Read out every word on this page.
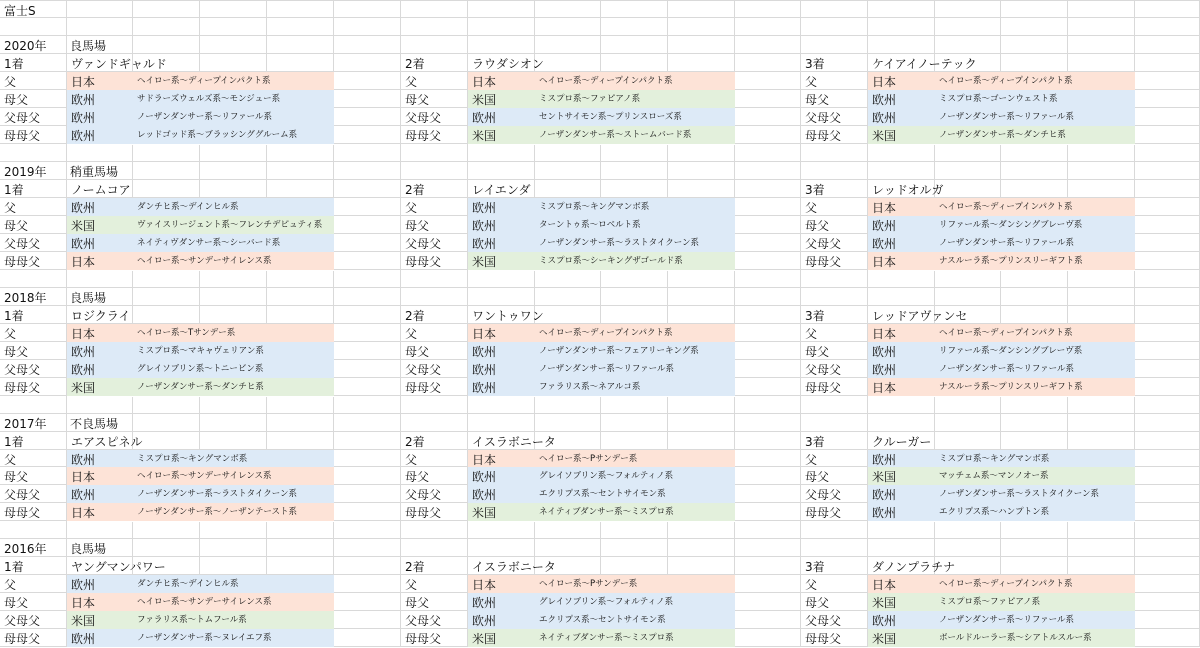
富士S
2020年 良馬場
1着	ヴァンドギャルド
父	日本	ヘイロー系〜ディープインパクト系
母父	欧州	サドラーズウェルズ系〜モンジュー系
父母父	欧州	ノーザンダンサー系〜リファール系
母母父	欧州	レッドゴッド系〜ブラッシンググルーム系
2着	ラウダシオン
父	日本	ヘイロー系〜ディープインパクト系
母父	米国	ミスプロ系〜ファピアノ系
父母父	欧州	セントサイモン系〜プリンスローズ系
母母父	米国	ノーザンダンサー系〜ストームバード系
3着	ケイアイノーテック
父	日本	ヘイロー系〜ディープインパクト系
母父	欧州	ミスプロ系〜ゴーンウェスト系
父母父	欧州	ノーザンダンサー系〜リファール系
母母父	米国	ノーザンダンサー系〜ダンチヒ系
2019年 稍重馬場
1着	ノームコア
父	欧州	ダンチヒ系〜デインヒル系
母父	米国	ヴァイスリージェント系〜フレンチデピュティ系
父母父	欧州	ネイティヴダンサー系〜シーバード系
母母父	日本	ヘイロー系〜サンデーサイレンス系
2着	レイエンダ
父	欧州	ミスプロ系〜キングマンボ系
母父	欧州	ターントゥ系〜ロベルト系
父母父	欧州	ノーザンダンサー系〜ラストタイクーン系
母母父	米国	ミスプロ系〜シーキングザゴールド系
3着	レッドオルガ
父	日本	ヘイロー系〜ディープインパクト系
母父	欧州	リファール系〜ダンシングブレーヴ系
父母父	欧州	ノーザンダンサー系〜リファール系
母母父	日本	ナスルーラ系〜プリンスリーギフト系
2018年 良馬場
1着	ロジクライ
父	日本	ヘイロー系〜Tサンデー系
母父	欧州	ミスプロ系〜マキャヴェリアン系
父母父	欧州	グレイソブリン系〜トニービン系
母母父	米国	ノーザンダンサー系〜ダンチヒ系
2着	ワントゥワン
父	日本	ヘイロー系〜ディープインパクト系
母父	欧州	ノーザンダンサー系〜フェアリーキング系
父母父	欧州	ノーザンダンサー系〜リファール系
母母父	欧州	ファラリス系〜ネアルコ系
3着	レッドアヴァンセ
父	日本	ヘイロー系〜ディープインパクト系
母父	欧州	リファール系〜ダンシングブレーヴ系
父母父	欧州	ノーザンダンサー系〜リファール系
母母父	日本	ナスルーラ系〜プリンスリーギフト系
2017年 不良馬場
1着	エアスピネル
父	欧州	ミスプロ系〜キングマンボ系
母父	日本	ヘイロー系〜サンデーサイレンス系
父母父	欧州	ノーザンダンサー系〜ラストタイクーン系
母母父	日本	ノーザンダンサー系〜ノーザンテースト系
2着	イスラボニータ
父	日本	ヘイロー系〜Pサンデー系
母父	欧州	グレイソブリン系〜フォルティノ系
父母父	欧州	エクリプス系〜セントサイモン系
母母父	米国	ネイティブダンサー系〜ミスプロ系
3着	クルーガー
父	欧州	ミスプロ系〜キングマンボ系
母父	米国	マッチェム系〜マンノオー系
父母父	欧州	ノーザンダンサー系〜ラストタイクーン系
母母父	欧州	エクリプス系〜ハンプトン系
2016年 良馬場
1着	ヤングマンパワー
父	欧州	ダンチヒ系〜デインヒル系
母父	日本	ヘイロー系〜サンデーサイレンス系
父母父	米国	ファラリス系〜トムフール系
母母父	欧州	ノーザンダンサー系〜ヌレイエフ系
2着	イスラボニータ
父	日本	ヘイロー系〜Pサンデー系
母父	欧州	グレイソブリン系〜フォルティノ系
父母父	欧州	エクリプス系〜セントサイモン系
母母父	米国	ネイティブダンサー系〜ミスプロ系
3着	ダノンプラチナ
父	日本	ヘイロー系〜ディープインパクト系
母父	米国	ミスプロ系〜ファピアノ系
父母父	欧州	ノーザンダンサー系〜リファール系
母母父	米国	ボールドルーラー系〜シアトルスルー系
